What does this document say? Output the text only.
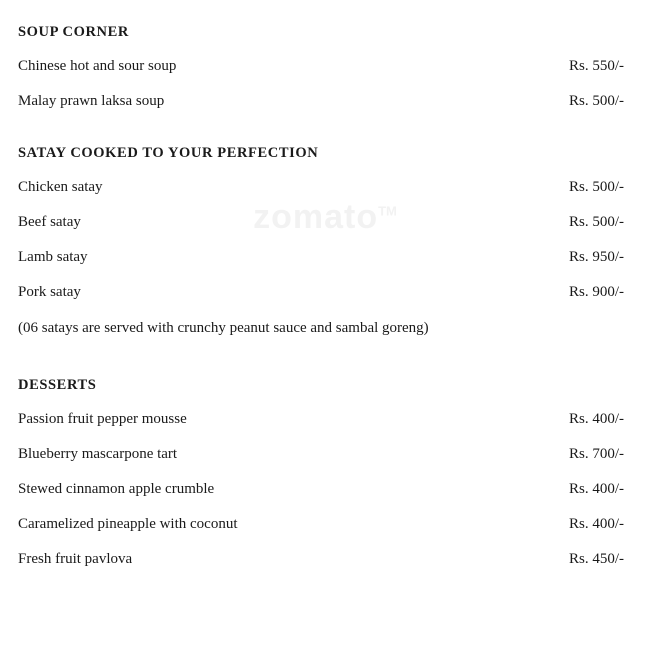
zomato™
SOUP CORNER
Chinese hot and sour soup	Rs. 550/-
Malay prawn laksa soup	Rs. 500/-
SATAY COOKED TO YOUR PERFECTION
Chicken satay	Rs. 500/-
Beef satay	Rs. 500/-
Lamb satay	Rs. 950/-
Pork satay	Rs. 900/-
(06 satays are served with crunchy peanut sauce and sambal goreng)
DESSERTS
Passion fruit pepper mousse	Rs. 400/-
Blueberry mascarpone tart	Rs. 700/-
Stewed cinnamon apple crumble	Rs. 400/-
Caramelized pineapple with coconut	Rs. 400/-
Fresh fruit pavlova	Rs. 450/-
